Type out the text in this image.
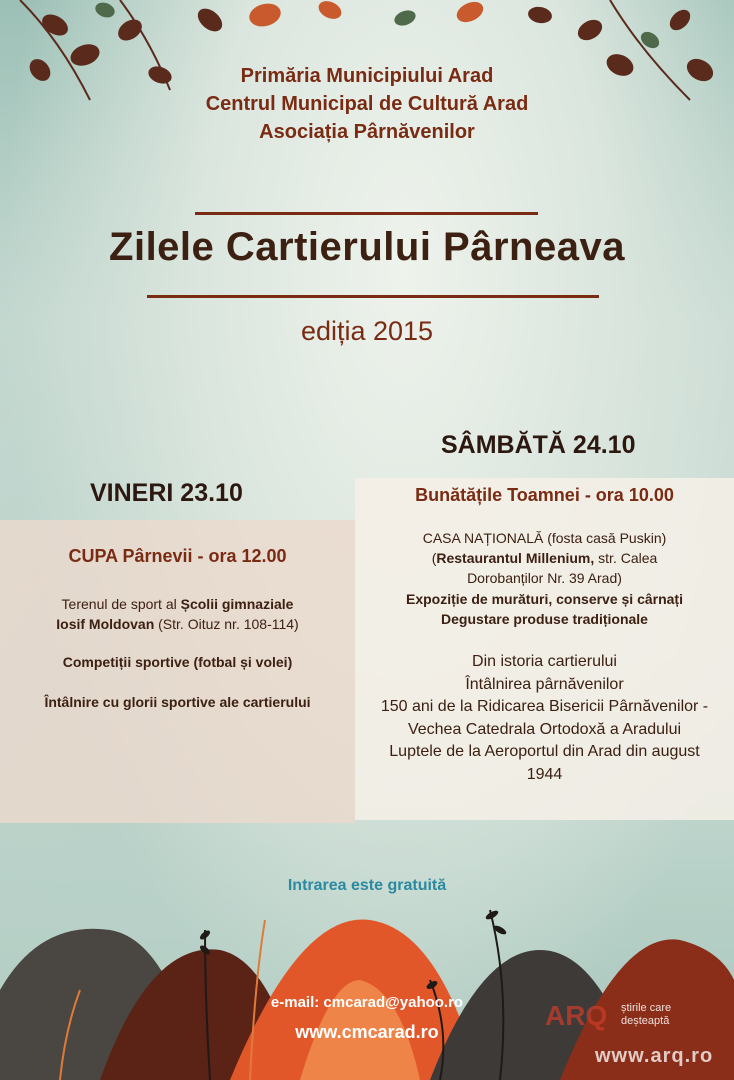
Primăria Municipiului Arad
Centrul Municipal de Cultură Arad
Asociația Pârnăvenilor
Zilele Cartierului Pârneava
ediția 2015
VINERI 23.10
CUPA Pârnevii - ora 12.00
Terenul de sport al Școlii gimnaziale
Iosif Moldovan (Str. Oituz nr. 108-114)
Competiții sportive (fotbal și volei)
Întâlnire cu glorii sportive ale cartierului
SÂMBĂTĂ 24.10
Bunătățile Toamnei - ora 10.00
CASA NAȚIONALĂ (fosta casă Puskin)
(Restaurantul Millenium, str. Calea
Dorobanților Nr. 39 Arad)
Expoziție de murături, conserve și cârnați
Degustare produse tradiționale
Din istoria cartierului
Întâlnirea pârnăvenilor
150 ani de la Ridicarea Bisericii Pârnăvenilor -
Vechea Catedrala Ortodoxă a Aradului
Luptele de la Aeroportul din Arad din august
1944
Intrarea este gratuită
e-mail: cmcarad@yahoo.ro
www.cmcarad.ro
ARQ știrile care
deșteaptă
www.arq.ro
